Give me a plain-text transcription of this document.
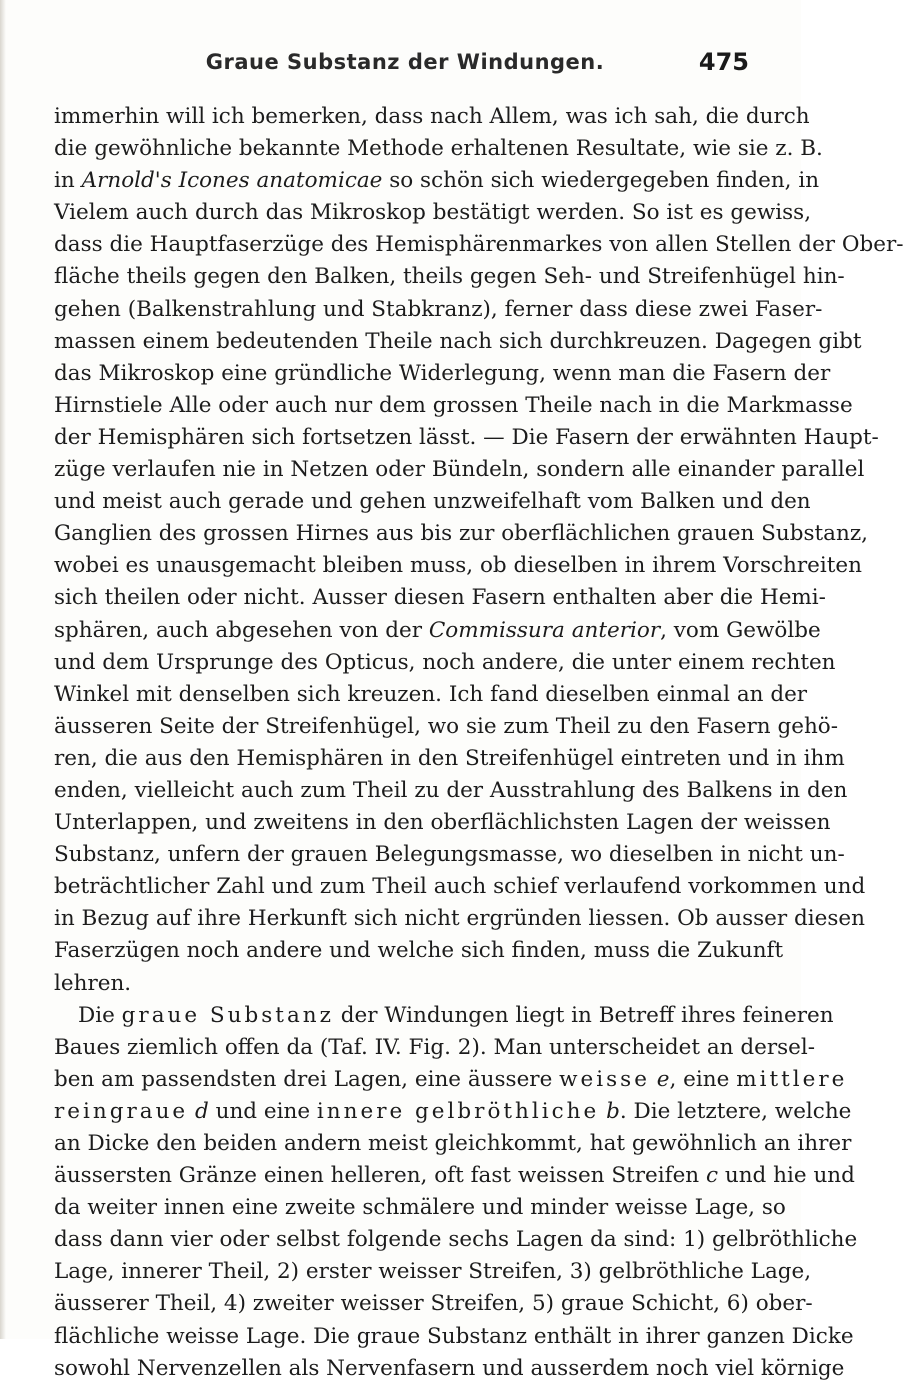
Graue Substanz der Windungen.	475
immerhin will ich bemerken, dass nach Allem, was ich sah, die durch
die gewöhnliche bekannte Methode erhaltenen Resultate, wie sie z. B.
in Arnold's Icones anatomicae so schön sich wiedergegeben finden, in
Vielem auch durch das Mikroskop bestätigt werden. So ist es gewiss,
dass die Hauptfaserzüge des Hemisphärenmarkes von allen Stellen der Ober-
fläche theils gegen den Balken, theils gegen Seh- und Streifenhügel hin-
gehen (Balkenstrahlung und Stabkranz), ferner dass diese zwei Faser-
massen einem bedeutenden Theile nach sich durchkreuzen. Dagegen gibt
das Mikroskop eine gründliche Widerlegung, wenn man die Fasern der
Hirnstiele Alle oder auch nur dem grossen Theile nach in die Markmasse
der Hemisphären sich fortsetzen lässt. — Die Fasern der erwähnten Haupt-
züge verlaufen nie in Netzen oder Bündeln, sondern alle einander parallel
und meist auch gerade und gehen unzweifelhaft vom Balken und den
Ganglien des grossen Hirnes aus bis zur oberflächlichen grauen Substanz,
wobei es unausgemacht bleiben muss, ob dieselben in ihrem Vorschreiten
sich theilen oder nicht. Ausser diesen Fasern enthalten aber die Hemi-
sphären, auch abgesehen von der Commissura anterior, vom Gewölbe
und dem Ursprunge des Opticus, noch andere, die unter einem rechten
Winkel mit denselben sich kreuzen. Ich fand dieselben einmal an der
äusseren Seite der Streifenhügel, wo sie zum Theil zu den Fasern gehö-
ren, die aus den Hemisphären in den Streifenhügel eintreten und in ihm
enden, vielleicht auch zum Theil zu der Ausstrahlung des Balkens in den
Unterlappen, und zweitens in den oberflächlichsten Lagen der weissen
Substanz, unfern der grauen Belegungsmasse, wo dieselben in nicht un-
beträchtlicher Zahl und zum Theil auch schief verlaufend vorkommen und
in Bezug auf ihre Herkunft sich nicht ergründen liessen. Ob ausser diesen
Faserzügen noch andere und welche sich finden, muss die Zukunft
lehren.
Die graue Substanz der Windungen liegt in Betreff ihres feineren
Baues ziemlich offen da (Taf. IV. Fig. 2). Man unterscheidet an dersel-
ben am passendsten drei Lagen, eine äussere weisse e, eine mittlere
reingraue d und eine innere gelbröthliche b. Die letztere, welche
an Dicke den beiden andern meist gleichkommt, hat gewöhnlich an ihrer
äussersten Gränze einen helleren, oft fast weissen Streifen c und hie und
da weiter innen eine zweite schmälere und minder weisse Lage, so
dass dann vier oder selbst folgende sechs Lagen da sind: 1) gelbröthliche
Lage, innerer Theil, 2) erster weisser Streifen, 3) gelbröthliche Lage,
äusserer Theil, 4) zweiter weisser Streifen, 5) graue Schicht, 6) ober-
flächliche weisse Lage. Die graue Substanz enthält in ihrer ganzen Dicke
sowohl Nervenzellen als Nervenfasern und ausserdem noch viel körnige
